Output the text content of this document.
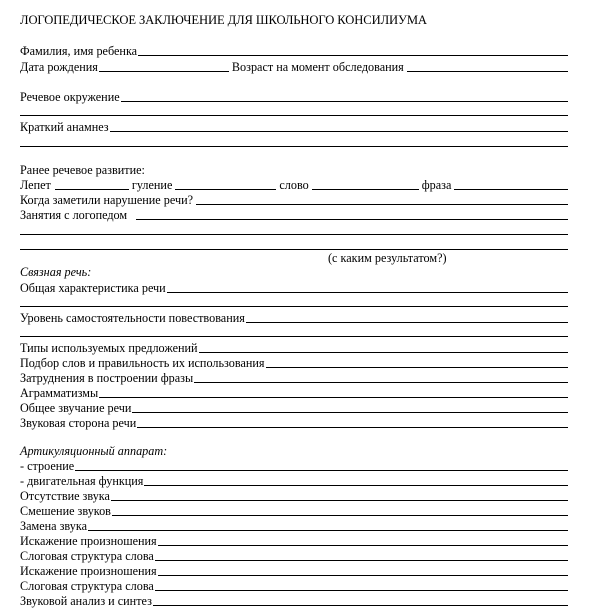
ЛОГОПЕДИЧЕСКОЕ ЗАКЛЮЧЕНИЕ ДЛЯ ШКОЛЬНОГО КОНСИЛИУМА
Фамилия, имя ребенка
Дата рождения	Возраст на момент обследования
Речевое окружение
Краткий анамнез
Ранее речевое развитие:
Лепет	гуление	слово	фраза
Когда заметили нарушение речи?
Занятия с логопедом
(с каким результатом?)
Связная речь:
Общая характеристика речи
Уровень самостоятельности повествования
Типы используемых предложений
Подбор слов и правильность их использования
Затруднения в построении фразы
Аграмматизмы
Общее звучание речи
Звуковая сторона речи
Артикуляционный аппарат:
- строение
- двигательная функция
Отсутствие звука
Смешение звуков
Замена звука
Искажение произношения
Слоговая структура слова
Искажение произношения
Слоговая структура слова
Звуковой анализ и синтез
